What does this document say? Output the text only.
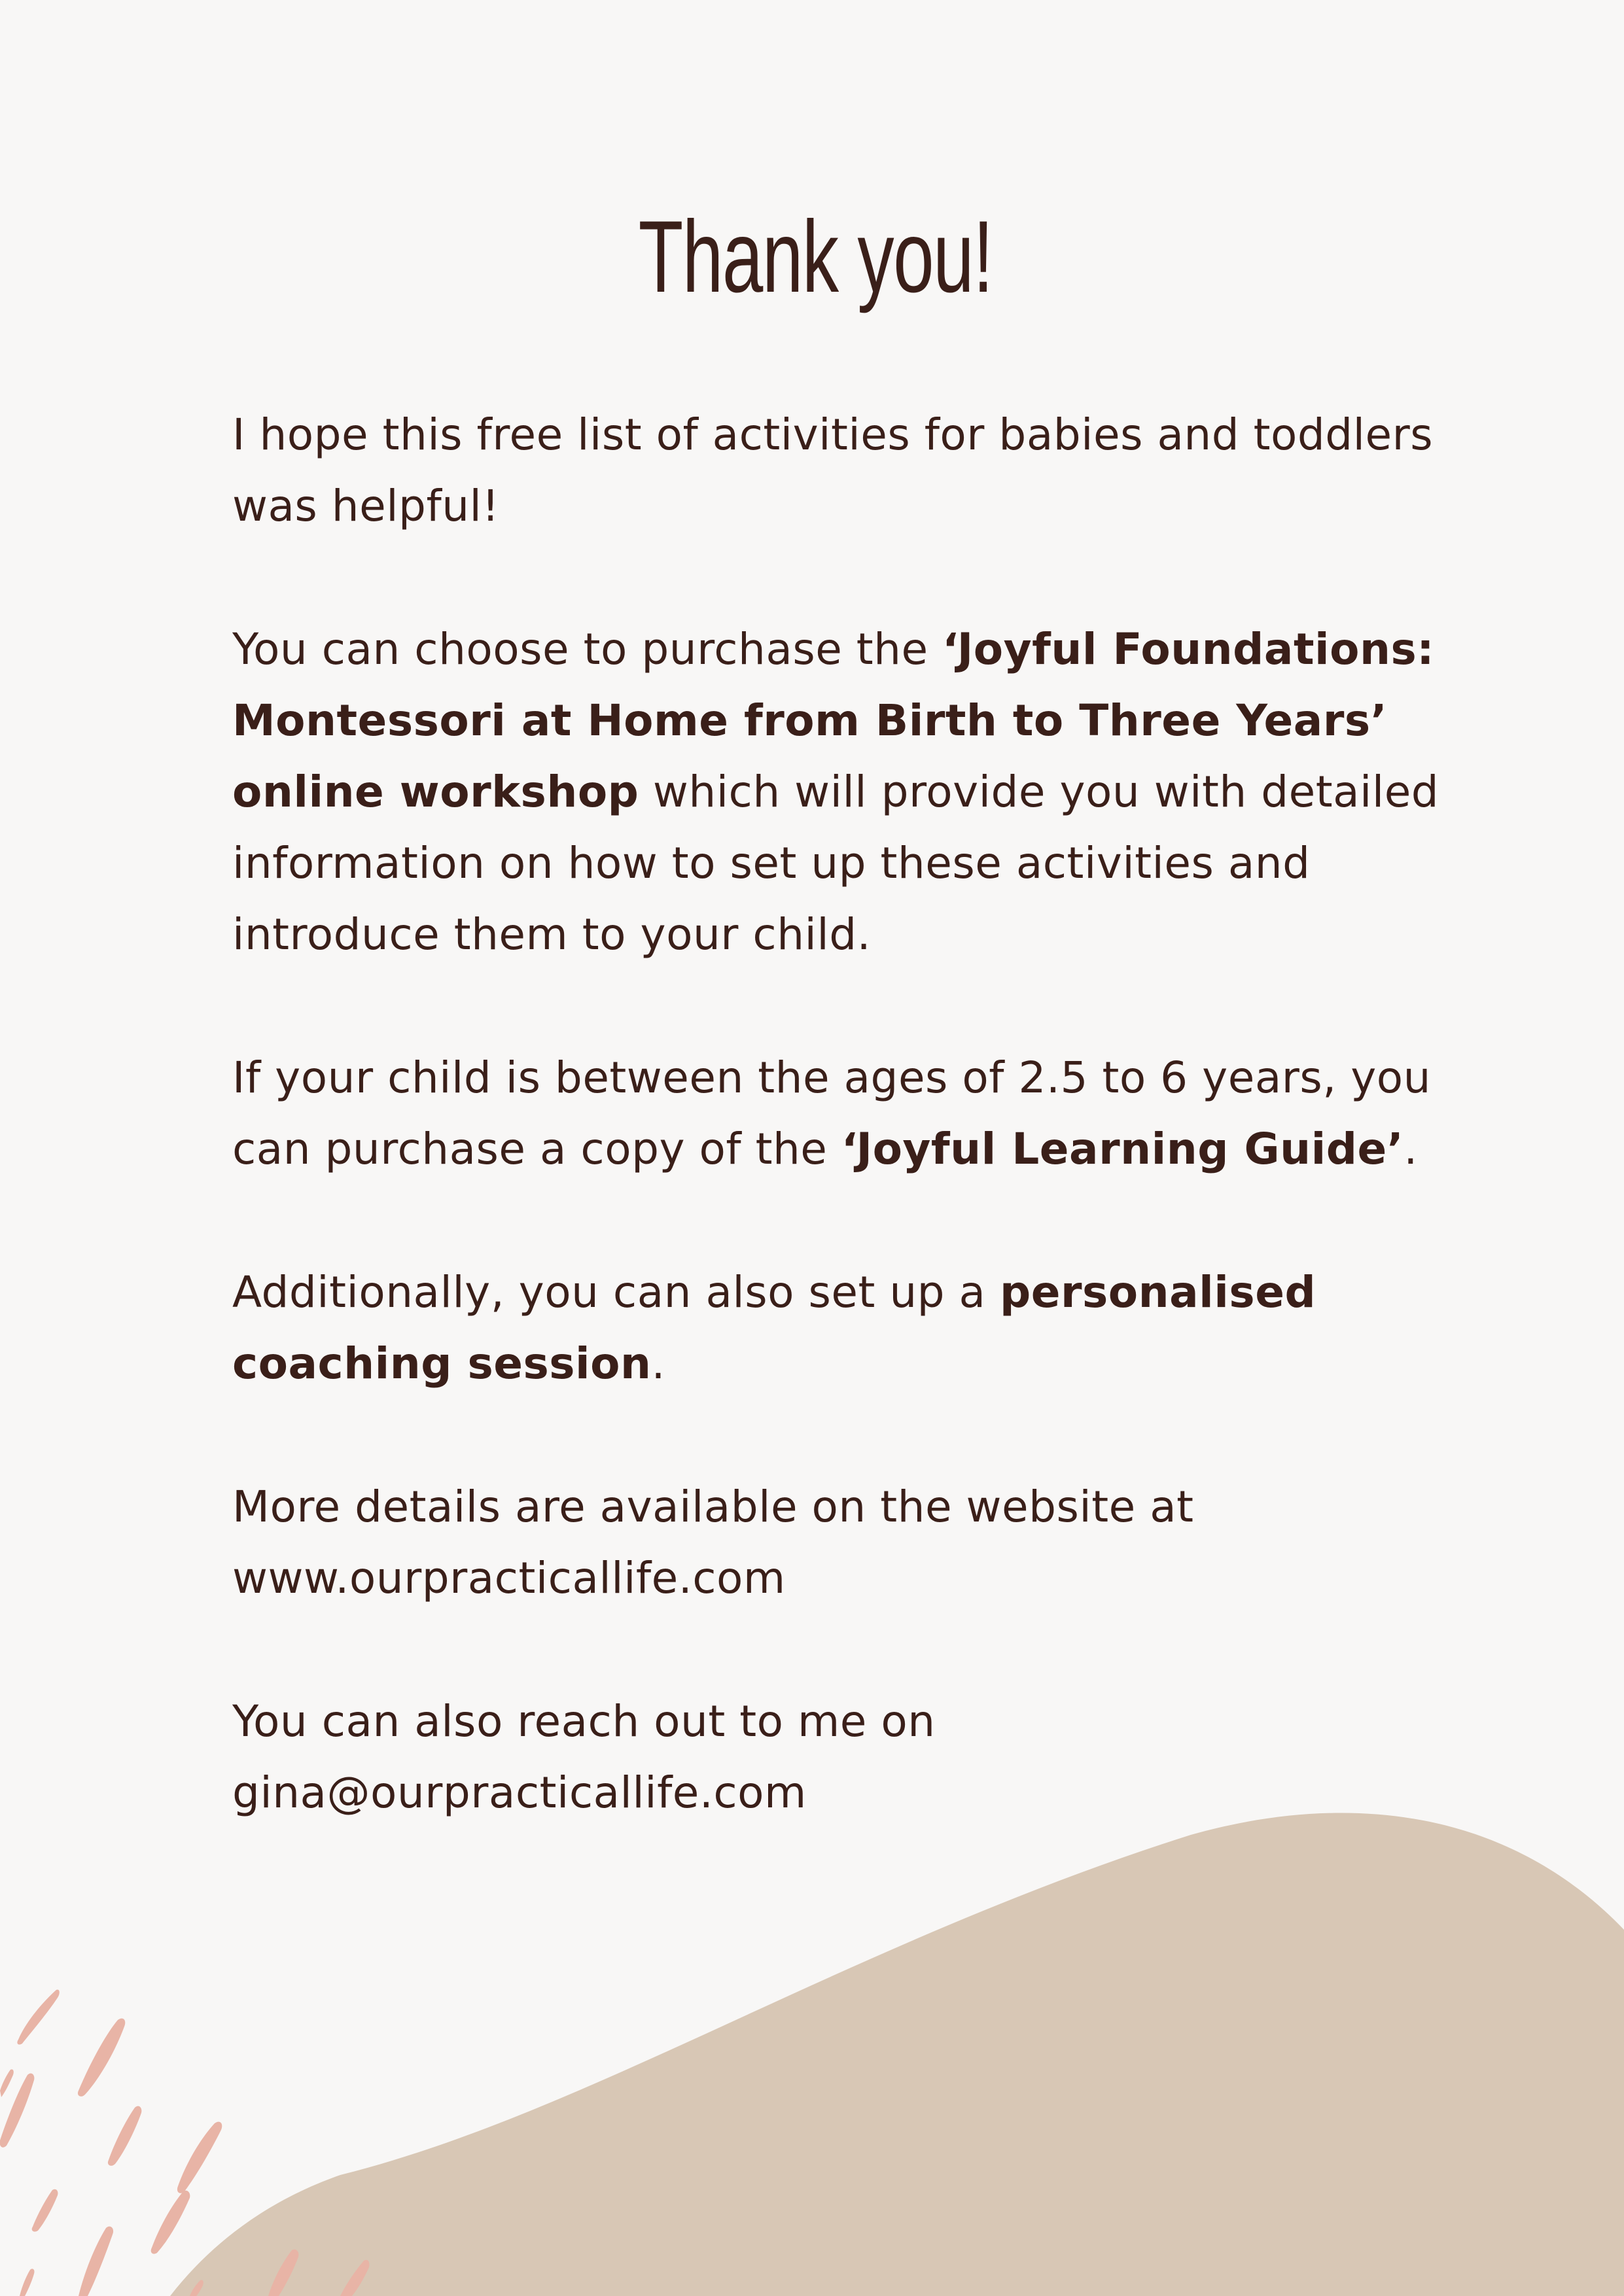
Thank you!

I hope this free list of activities for babies and toddlers was helpful!

You can choose to purchase the ‘Joyful Foundations: Montessori at Home from Birth to Three Years’ online workshop which will provide you with detailed information on how to set up these activities and introduce them to your child.

If your child is between the ages of 2.5 to 6 years, you can purchase a copy of the ‘Joyful Learning Guide’.

Additionally, you can also set up a personalised coaching session.

More details are available on the website at
www.ourpracticallife.com

You can also reach out to me on
gina@ourpracticallife.com
